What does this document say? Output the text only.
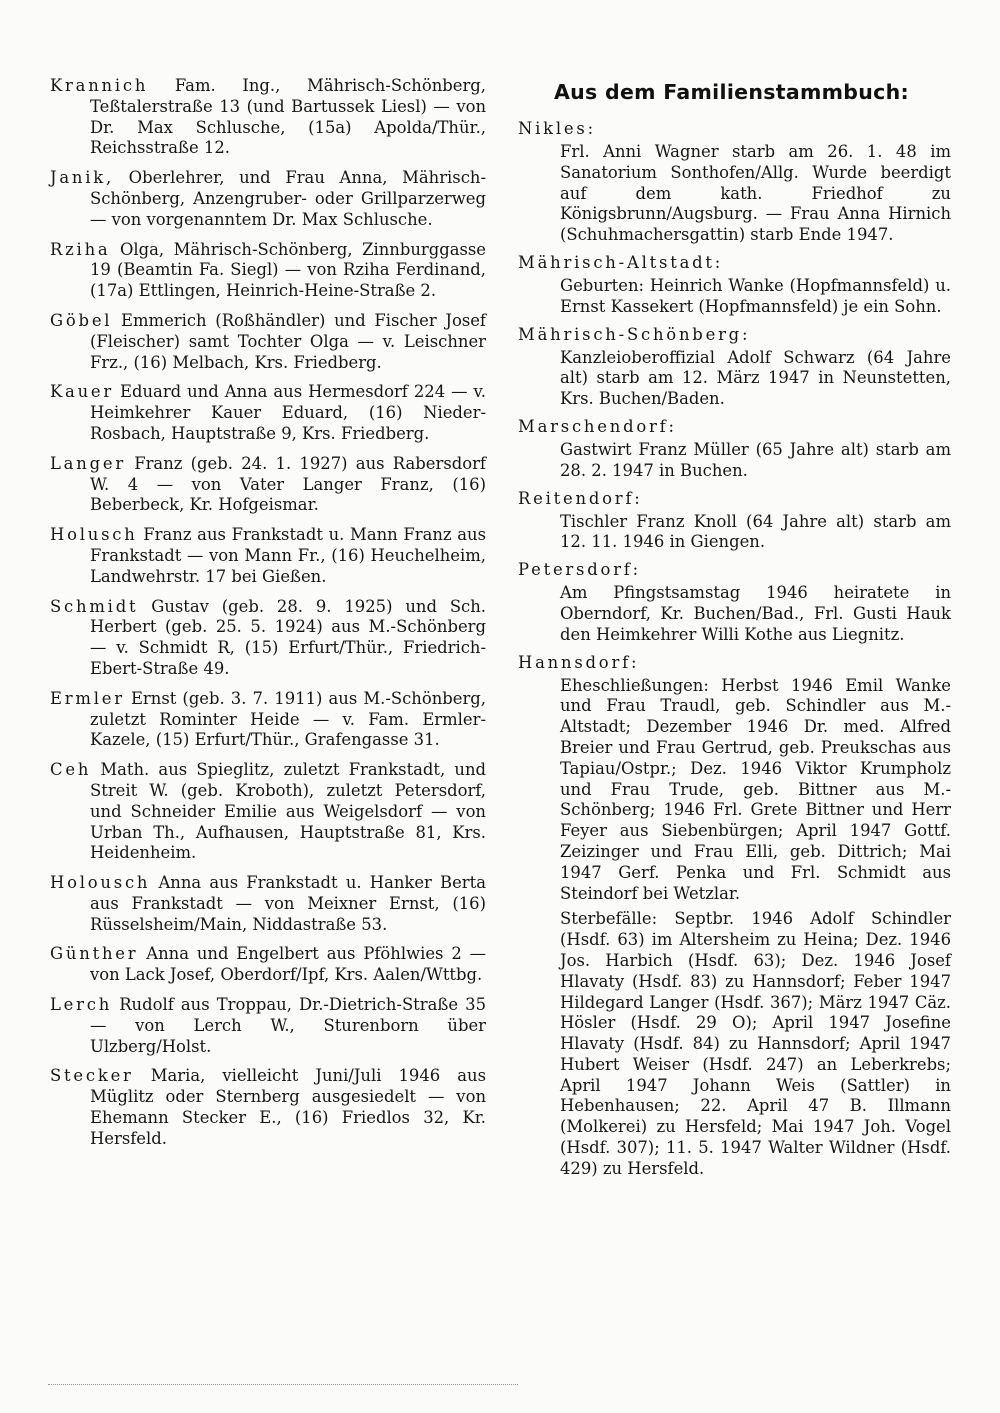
Krannich Fam. Ing., Mährisch-Schönberg, Teßtalerstraße 13 (und Bartussek Liesl) — von Dr. Max Schlusche, (15a) Apolda/Thür., Reichsstraße 12.

Janik, Oberlehrer, und Frau Anna, Mährisch-Schönberg, Anzengruber- oder Grillparzerweg — von vorgenanntem Dr. Max Schlusche.

Rziha Olga, Mährisch-Schönberg, Zinnburggasse 19 (Beamtin Fa. Siegl) — von Rziha Ferdinand, (17a) Ettlingen, Heinrich-Heine-Straße 2.

Göbel Emmerich (Roßhändler) und Fischer Josef (Fleischer) samt Tochter Olga — v. Leischner Frz., (16) Melbach, Krs. Friedberg.

Kauer Eduard und Anna aus Hermesdorf 224 — v. Heimkehrer Kauer Eduard, (16) Nieder-Rosbach, Hauptstraße 9, Krs. Friedberg.

Langer Franz (geb. 24. 1. 1927) aus Rabersdorf W. 4 — von Vater Langer Franz, (16) Beberbeck, Kr. Hofgeismar.

Holusch Franz aus Frankstadt u. Mann Franz aus Frankstadt — von Mann Fr., (16) Heuchelheim, Landwehrstr. 17 bei Gießen.

Schmidt Gustav (geb. 28. 9. 1925) und Sch. Herbert (geb. 25. 5. 1924) aus M.-Schönberg — v. Schmidt R, (15) Erfurt/Thür., Friedrich-Ebert-Straße 49.

Ermler Ernst (geb. 3. 7. 1911) aus M.-Schönberg, zuletzt Rominter Heide — v. Fam. Ermler-Kazele, (15) Erfurt/Thür., Grafengasse 31.

Ceh Math. aus Spieglitz, zuletzt Frankstadt, und Streit W. (geb. Kroboth), zuletzt Petersdorf, und Schneider Emilie aus Weigelsdorf — von Urban Th., Aufhausen, Hauptstraße 81, Krs. Heidenheim.

Holousch Anna aus Frankstadt u. Hanker Berta aus Frankstadt — von Meixner Ernst, (16) Rüsselsheim/Main, Niddastraße 53.

Günther Anna und Engelbert aus Pföhlwies 2 — von Lack Josef, Oberdorf/Ipf, Krs. Aalen/Wttbg.

Lerch Rudolf aus Troppau, Dr.-Dietrich-Straße 35 — von Lerch W., Sturenborn über Ulzberg/Holst.

Stecker Maria, vielleicht Juni/Juli 1946 aus Müglitz oder Sternberg ausgesiedelt — von Ehemann Stecker E., (16) Friedlos 32, Kr. Hersfeld.

Aus dem Familienstammbuch:
Nikles:

Frl. Anni Wagner starb am 26. 1. 48 im Sanatorium Sonthofen/Allg. Wurde beerdigt auf dem kath. Friedhof zu Königsbrunn/Augsburg. — Frau Anna Hirnich (Schuhmachersgattin) starb Ende 1947.

Mährisch-Altstadt:

Geburten: Heinrich Wanke (Hopfmannsfeld) u. Ernst Kassekert (Hopfmannsfeld) je ein Sohn.

Mährisch-Schönberg:

Kanzleioberoffizial Adolf Schwarz (64 Jahre alt) starb am 12. März 1947 in Neunstetten, Krs. Buchen/Baden.

Marschendorf:

Gastwirt Franz Müller (65 Jahre alt) starb am 28. 2. 1947 in Buchen.

Reitendorf:

Tischler Franz Knoll (64 Jahre alt) starb am 12. 11. 1946 in Giengen.

Petersdorf:

Am Pfingstsamstag 1946 heiratete in Oberndorf, Kr. Buchen/Bad., Frl. Gusti Hauk den Heimkehrer Willi Kothe aus Liegnitz.

Hannsdorf:

Eheschließungen: Herbst 1946 Emil Wanke und Frau Traudl, geb. Schindler aus M.-Altstadt; Dezember 1946 Dr. med. Alfred Breier und Frau Gertrud, geb. Preukschas aus Tapiau/Ostpr.; Dez. 1946 Viktor Krumpholz und Frau Trude, geb. Bittner aus M.-Schönberg; 1946 Frl. Grete Bittner und Herr Feyer aus Siebenbürgen; April 1947 Gottf. Zeizinger und Frau Elli, geb. Dittrich; Mai 1947 Gerf. Penka und Frl. Schmidt aus Steindorf bei Wetzlar.

Sterbefälle: Septbr. 1946 Adolf Schindler (Hsdf. 63) im Altersheim zu Heina; Dez. 1946 Jos. Harbich (Hsdf. 63); Dez. 1946 Josef Hlavaty (Hsdf. 83) zu Hannsdorf; Feber 1947 Hildegard Langer (Hsdf. 367); März 1947 Cäz. Hösler (Hsdf. 29 O); April 1947 Josefine Hlavaty (Hsdf. 84) zu Hannsdorf; April 1947 Hubert Weiser (Hsdf. 247) an Leberkrebs; April 1947 Johann Weis (Sattler) in Hebenhausen; 22. April 47 B. Illmann (Molkerei) zu Hersfeld; Mai 1947 Joh. Vogel (Hsdf. 307); 11. 5. 1947 Walter Wildner (Hsdf. 429) zu Hersfeld.
